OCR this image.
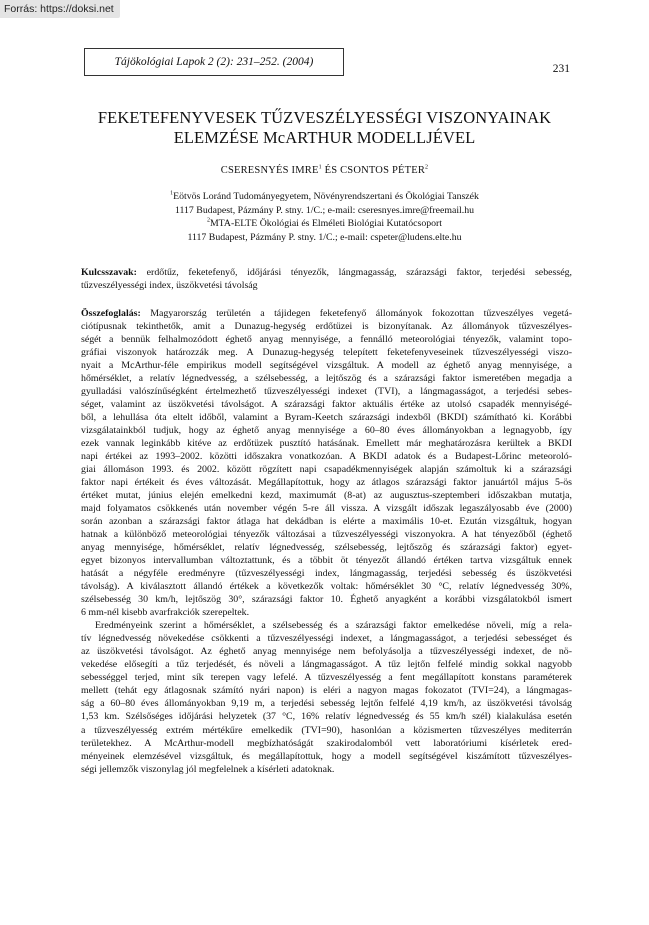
Forrás: https://doksi.net
Tájökológiai Lapok 2 (2): 231–252. (2004)
231
FEKETEFENYVESEK TŰZVESZÉLYESSÉGI VISZONYAINAK
ELEMZÉSE McARTHUR MODELLJÉVEL
CSERESNYÉS IMRE$^1$ ÉS CSONTOS PÉTER$^2$
$^1$Eötvös Loránd Tudományegyetem, Növényrendszertani és Ökológiai Tanszék
1117 Budapest, Pázmány P. stny. 1/C.; e-mail: cseresnyes.imre@freemail.hu
$^2$MTA-ELTE Ökológiai és Elméleti Biológiai Kutatócsoport
1117 Budapest, Pázmány P. stny. 1/C.; e-mail: cspeter@ludens.elte.hu
Kulcsszavak: erdőtűz, feketefenyő, időjárási tényezők, lángmagasság, szárazsági faktor, terjedési sebesség, tűzveszélyességi index, üszökvetési távolság
Összefoglalás: Magyarország területén a tájidegen feketefenyő állományok fokozottan tűzveszélyes vegetá-
ciótípusnak tekinthetők, amit a Dunazug-hegység erdőtüzei is bizonyítanak. Az állományok tűzveszélyes-
ségét a bennük felhalmozódott éghető anyag mennyisége, a fennálló meteorológiai tényezők, valamint topo-
gráfiai viszonyok határozzák meg. A Dunazug-hegység telepített feketefenyveseinek tűzveszélyességi viszo-
nyait a McArthur-féle empirikus modell segítségével vizsgáltuk. A modell az éghető anyag mennyisége, a
hőmérséklet, a relatív légnedvesség, a szélsebesség, a lejtőszög és a szárazsági faktor ismeretében megadja a
gyulladási valószínűségként értelmezhető tűzveszélyességi indexet (TVI), a lángmagasságot, a terjedési sebes-
séget, valamint az üszökvetési távolságot. A szárazsági faktor aktuális értéke az utolsó csapadék mennyiségé-
ből, a lehullása óta eltelt időből, valamint a Byram-Keetch szárazsági indexből (BKDI) számítható ki. Korábbi
vizsgálatainkból tudjuk, hogy az éghető anyag mennyisége a 60–80 éves állományokban a legnagyobb, így
ezek vannak leginkább kitéve az erdőtüzek pusztító hatásának. Emellett már meghatározásra kerültek a BKDI
napi értékei az 1993–2002. közötti időszakra vonatkozóan. A BKDI adatok és a Budapest-Lőrinc meteoroló-
giai állomáson 1993. és 2002. között rögzített napi csapadékmennyiségek alapján számoltuk ki a szárazsági
faktor napi értékeit és éves változását. Megállapítottuk, hogy az átlagos szárazsági faktor januártól május 5-ös
értéket mutat, június elején emelkedni kezd, maximumát (8-at) az augusztus-szeptemberi időszakban mutatja,
majd folyamatos csökkenés után november végén 5-re áll vissza. A vizsgált időszak legaszályosabb éve (2000)
során azonban a szárazsági faktor átlaga hat dekádban is elérte a maximális 10-et. Ezután vizsgáltuk, hogyan
hatnak a különböző meteorológiai tényezők változásai a tűzveszélyességi viszonyokra. A hat tényezőből (éghető
anyag mennyisége, hőmérséklet, relatív légnedvesség, szélsebesség, lejtőszög és szárazsági faktor) egyet-
egyet bizonyos intervallumban változtattunk, és a többit öt tényezőt állandó értéken tartva vizsgáltuk ennek
hatását a négyféle eredményre (tűzveszélyességi index, lángmagasság, terjedési sebesség és üszökvetési
távolság). A kiválasztott állandó értékek a következők voltak: hőmérséklet 30 °C, relatív légnedvesség 30%,
szélsebesség 30 km/h, lejtőszög 30°, szárazsági faktor 10. Éghető anyagként a korábbi vizsgálatokból ismert
6 mm-nél kisebb avarfrakciók szerepeltek.
Eredményeink szerint a hőmérséklet, a szélsebesség és a szárazsági faktor emelkedése növeli, míg a rela-
tív légnedvesség növekedése csökkenti a tűzveszélyességi indexet, a lángmagasságot, a terjedési sebességet és
az üszökvetési távolságot. Az éghető anyag mennyisége nem befolyásolja a tűzveszélyességi indexet, de nö-
vekedése elősegíti a tűz terjedését, és növeli a lángmagasságot. A tűz lejtőn felfelé mindig sokkal nagyobb
sebességgel terjed, mint sík terepen vagy lefelé. A tűzveszélyesség a fent megállapított konstans paraméterek
mellett (tehát egy átlagosnak számító nyári napon) is eléri a nagyon magas fokozatot (TVI=24), a lángmagas-
ság a 60–80 éves állományokban 9,19 m, a terjedési sebesség lejtőn felfelé 4,19 km/h, az üszökvetési távolság
1,53 km. Szélsőséges időjárási helyzetek (37 °C, 16% relatív légnedvesség és 55 km/h szél) kialakulása esetén
a tűzveszélyesség extrém mértékűre emelkedik (TVI=90), hasonlóan a közismerten tűzveszélyes mediterrán
területekhez. A McArthur-modell megbízhatóságát szakirodalomból vett laboratóriumi kísérletek ered-
ményeinek elemzésével vizsgáltuk, és megállapítottuk, hogy a modell segítségével kiszámított tűzveszélyes-
ségi jellemzők viszonylag jól megfelelnek a kísérleti adatoknak.
